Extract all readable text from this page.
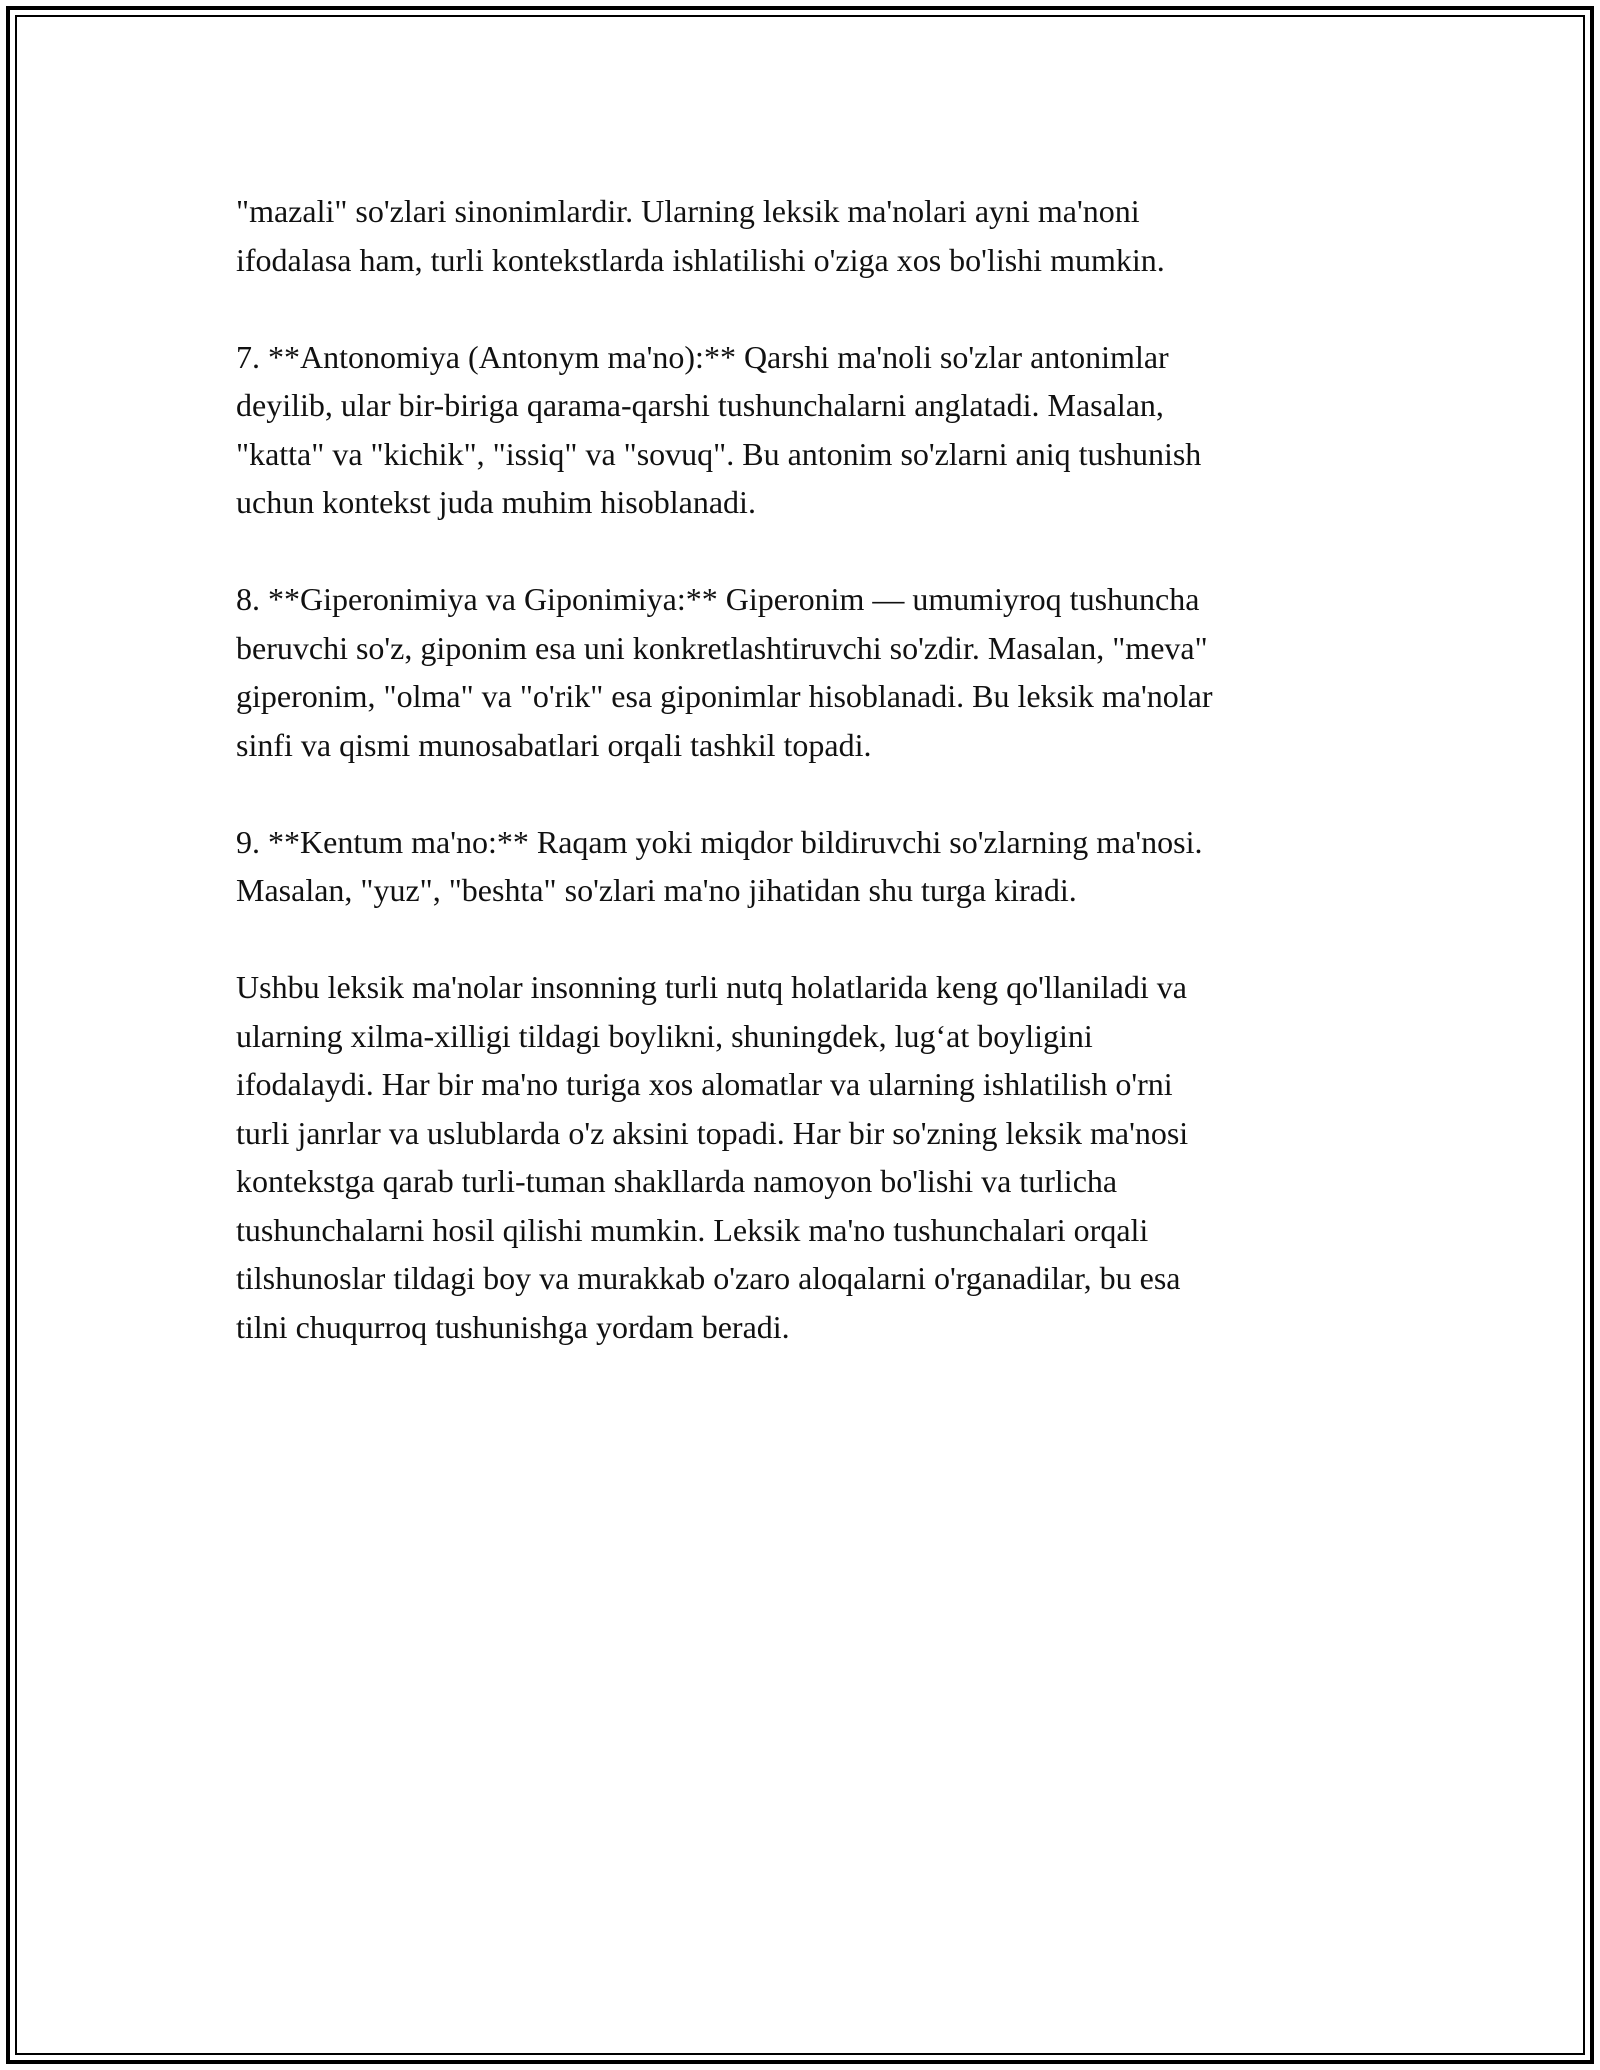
"mazali" so'zlari sinonimlardir. Ularning leksik ma'nolari ayni ma'noni
ifodalasa ham, turli kontekstlarda ishlatilishi o'ziga xos bo'lishi mumkin.

7. **Antonomiya (Antonym ma'no):** Qarshi ma'noli so'zlar antonimlar
deyilib, ular bir-biriga qarama-qarshi tushunchalarni anglatadi. Masalan,
"katta" va "kichik", "issiq" va "sovuq". Bu antonim so'zlarni aniq tushunish
uchun kontekst juda muhim hisoblanadi.

8. **Giperonimiya va Giponimiya:** Giperonim — umumiyroq tushuncha
beruvchi so'z, giponim esa uni konkretlashtiruvchi so'zdir. Masalan, "meva"
giperonim, "olma" va "o'rik" esa giponimlar hisoblanadi. Bu leksik ma'nolar
sinfi va qismi munosabatlari orqali tashkil topadi.

9. **Kentum ma'no:** Raqam yoki miqdor bildiruvchi so'zlarning ma'nosi.
Masalan, "yuz", "beshta" so'zlari ma'no jihatidan shu turga kiradi.

Ushbu leksik ma'nolar insonning turli nutq holatlarida keng qo'llaniladi va
ularning xilma-xilligi tildagi boylikni, shuningdek, lug‘at boyligini
ifodalaydi. Har bir ma'no turiga xos alomatlar va ularning ishlatilish o'rni
turli janrlar va uslublarda o'z aksini topadi. Har bir so'zning leksik ma'nosi
kontekstga qarab turli-tuman shakllarda namoyon bo'lishi va turlicha
tushunchalarni hosil qilishi mumkin. Leksik ma'no tushunchalari orqali
tilshunoslar tildagi boy va murakkab o'zaro aloqalarni o'rganadilar, bu esa
tilni chuqurroq tushunishga yordam beradi.
